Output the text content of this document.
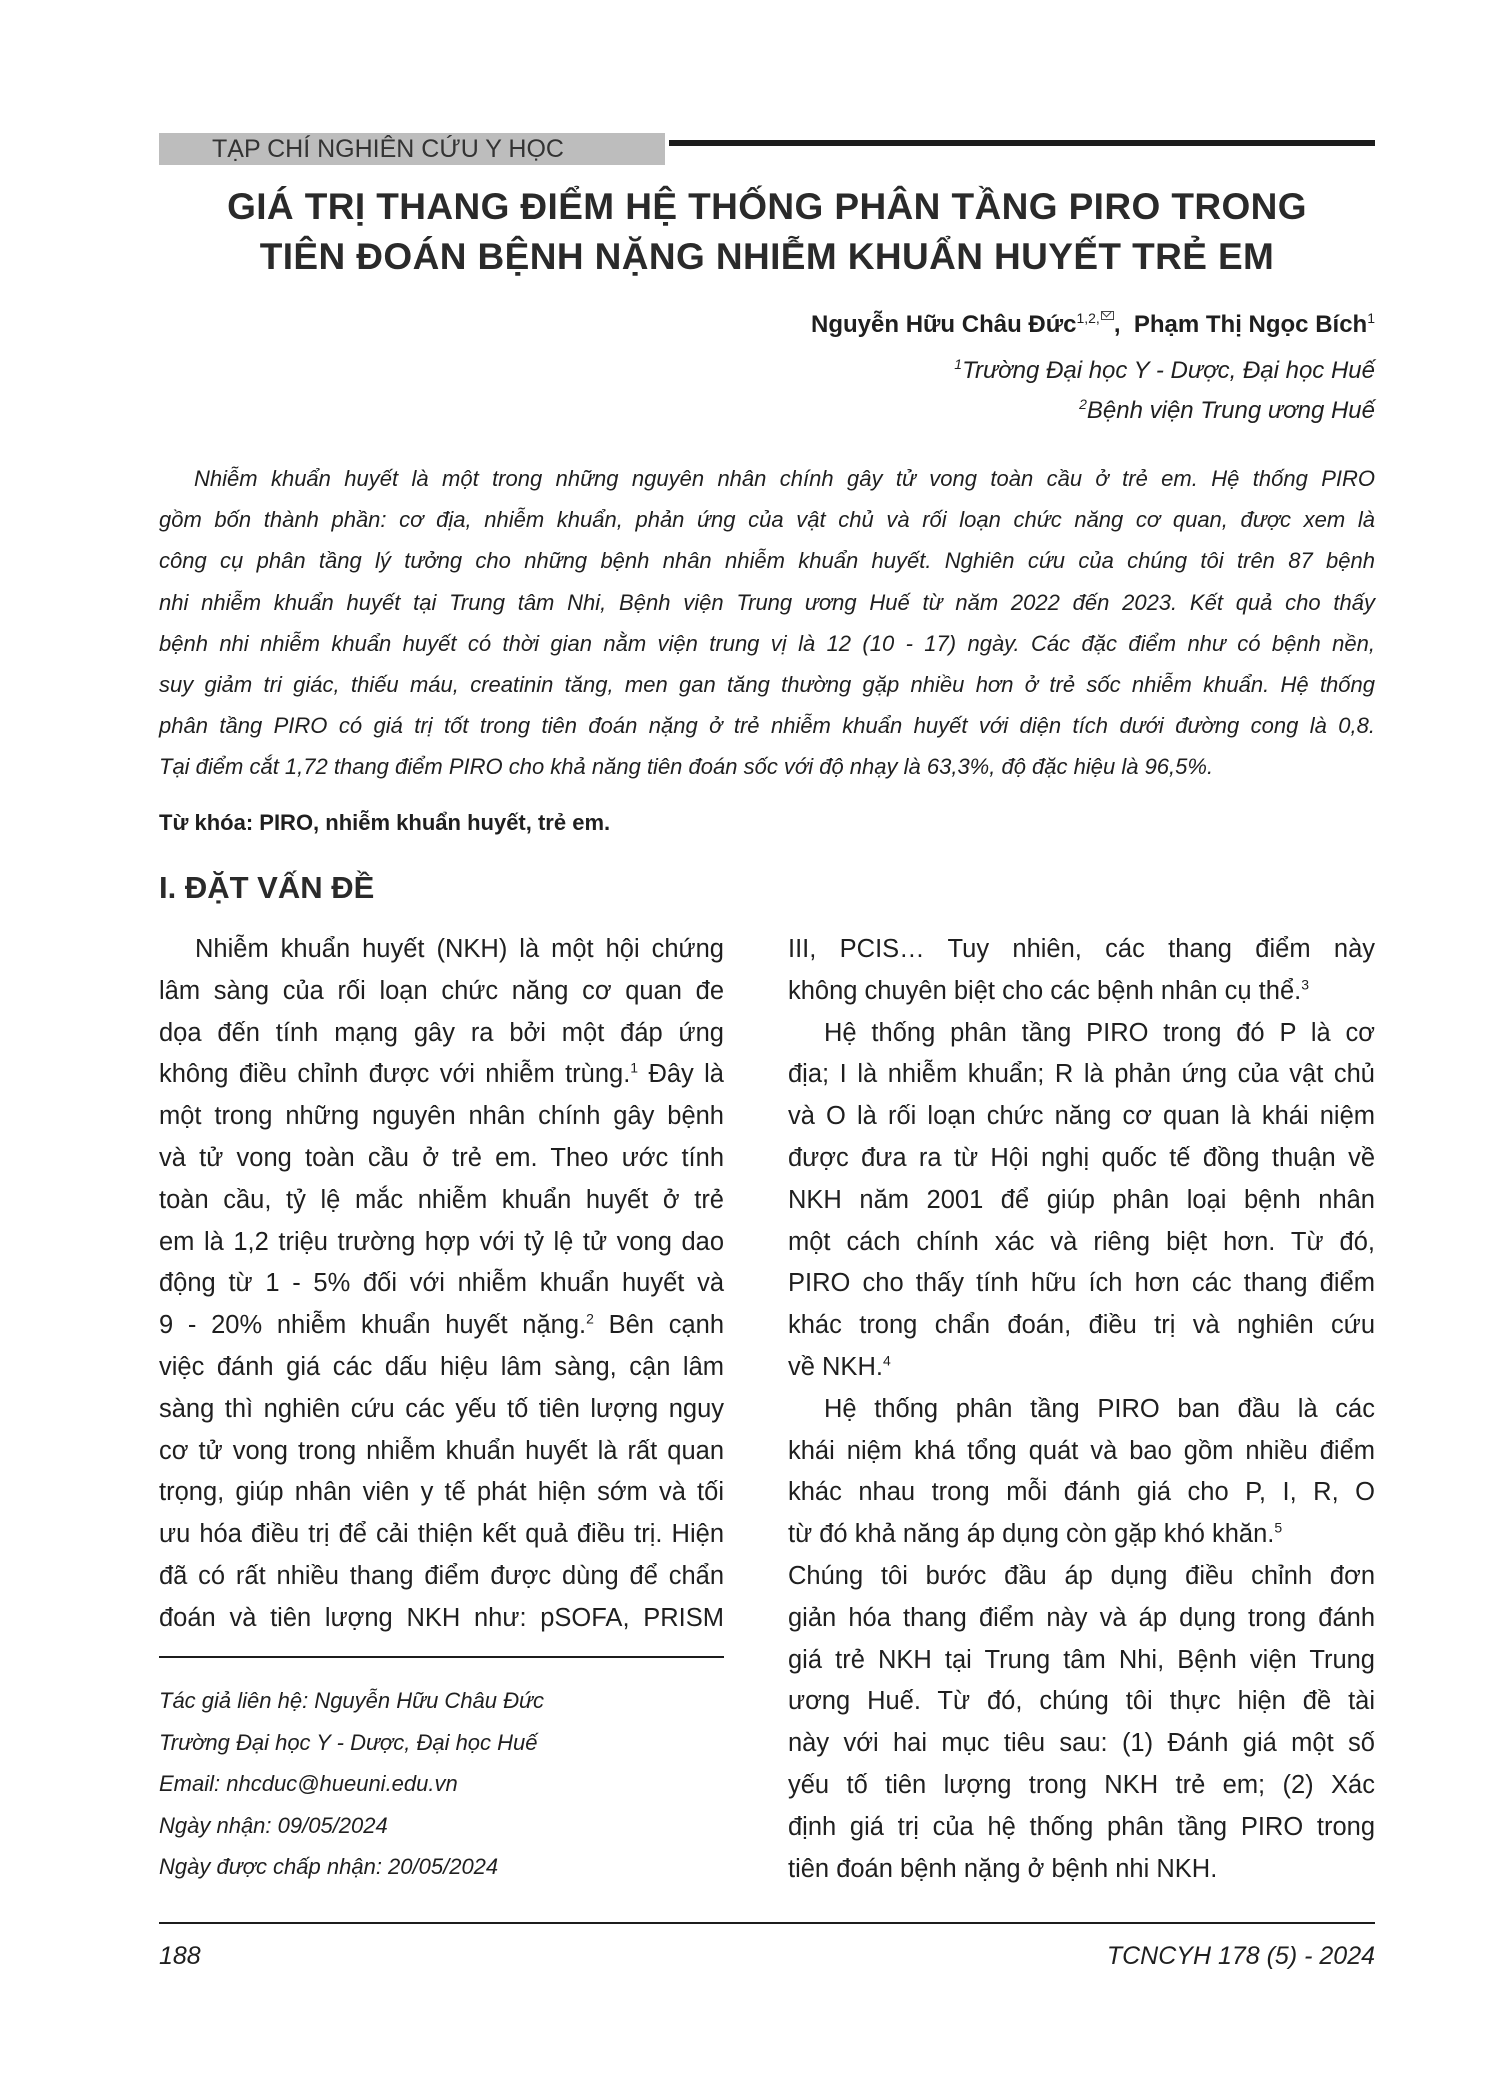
TẠP CHÍ NGHIÊN CỨU Y HỌC
GIÁ TRỊ THANG ĐIỂM HỆ THỐNG PHÂN TẦNG PIRO TRONG
TIÊN ĐOÁN BỆNH NẶNG NHIỄM KHUẨN HUYẾT TRẺ EM
Nguyễn Hữu Châu Đức$^{1,2,}$ , Phạm Thị Ngọc Bích$^1$
$^1$Trường Đại học Y - Dược, Đại học Huế
$^2$Bệnh viện Trung ương Huế
Nhiễm khuẩn huyết là một trong những nguyên nhân chính gây tử vong toàn cầu ở trẻ em. Hệ thống PIRO
gồm bốn thành phần: cơ địa, nhiễm khuẩn, phản ứng của vật chủ và rối loạn chức năng cơ quan, được xem là
công cụ phân tầng lý tưởng cho những bệnh nhân nhiễm khuẩn huyết. Nghiên cứu của chúng tôi trên 87 bệnh
nhi nhiễm khuẩn huyết tại Trung tâm Nhi, Bệnh viện Trung ương Huế từ năm 2022 đến 2023. Kết quả cho thấy
bệnh nhi nhiễm khuẩn huyết có thời gian nằm viện trung vị là 12 (10 - 17) ngày. Các đặc điểm như có bệnh nền,
suy giảm tri giác, thiếu máu, creatinin tăng, men gan tăng thường gặp nhiều hơn ở trẻ sốc nhiễm khuẩn. Hệ thống
phân tầng PIRO có giá trị tốt trong tiên đoán nặng ở trẻ nhiễm khuẩn huyết với diện tích dưới đường cong là 0,8.
Tại điểm cắt 1,72 thang điểm PIRO cho khả năng tiên đoán sốc với độ nhạy là 63,3%, độ đặc hiệu là 96,5%.
Từ khóa: PIRO, nhiễm khuẩn huyết, trẻ em.
I. ĐẶT VẤN ĐỀ
Nhiễm khuẩn huyết (NKH) là một hội chứng
lâm sàng của rối loạn chức năng cơ quan đe
dọa đến tính mạng gây ra bởi một đáp ứng
không điều chỉnh được với nhiễm trùng.$^1$ Đây là
một trong những nguyên nhân chính gây bệnh
và tử vong toàn cầu ở trẻ em. Theo ước tính
toàn cầu, tỷ lệ mắc nhiễm khuẩn huyết ở trẻ
em là 1,2 triệu trường hợp với tỷ lệ tử vong dao
động từ 1 - 5% đối với nhiễm khuẩn huyết và
9 - 20% nhiễm khuẩn huyết nặng.$^2$ Bên cạnh
việc đánh giá các dấu hiệu lâm sàng, cận lâm
sàng thì nghiên cứu các yếu tố tiên lượng nguy
cơ tử vong trong nhiễm khuẩn huyết là rất quan
trọng, giúp nhân viên y tế phát hiện sớm và tối
ưu hóa điều trị để cải thiện kết quả điều trị. Hiện
đã có rất nhiều thang điểm được dùng để chẩn
đoán và tiên lượng NKH như: pSOFA, PRISM
III, PCIS… Tuy nhiên, các thang điểm này
không chuyên biệt cho các bệnh nhân cụ thể.$^3$
Hệ thống phân tầng PIRO trong đó P là cơ
địa; I là nhiễm khuẩn; R là phản ứng của vật chủ
và O là rối loạn chức năng cơ quan là khái niệm
được đưa ra từ Hội nghị quốc tế đồng thuận về
NKH năm 2001 để giúp phân loại bệnh nhân
một cách chính xác và riêng biệt hơn. Từ đó,
PIRO cho thấy tính hữu ích hơn các thang điểm
khác trong chẩn đoán, điều trị và nghiên cứu
về NKH.$^4$
Hệ thống phân tầng PIRO ban đầu là các
khái niệm khá tổng quát và bao gồm nhiều điểm
khác nhau trong mỗi đánh giá cho P, I, R, O
từ đó khả năng áp dụng còn gặp khó khăn.$^5$
Chúng tôi bước đầu áp dụng điều chỉnh đơn
giản hóa thang điểm này và áp dụng trong đánh
giá trẻ NKH tại Trung tâm Nhi, Bệnh viện Trung
ương Huế. Từ đó, chúng tôi thực hiện đề tài
này với hai mục tiêu sau: (1) Đánh giá một số
yếu tố tiên lượng trong NKH trẻ em; (2) Xác
định giá trị của hệ thống phân tầng PIRO trong
tiên đoán bệnh nặng ở bệnh nhi NKH.
Tác giả liên hệ: Nguyễn Hữu Châu Đức
Trường Đại học Y - Dược, Đại học Huế
Email: nhcduc@hueuni.edu.vn
Ngày nhận: 09/05/2024
Ngày được chấp nhận: 20/05/2024
188	TCNCYH 178 (5) - 2024
